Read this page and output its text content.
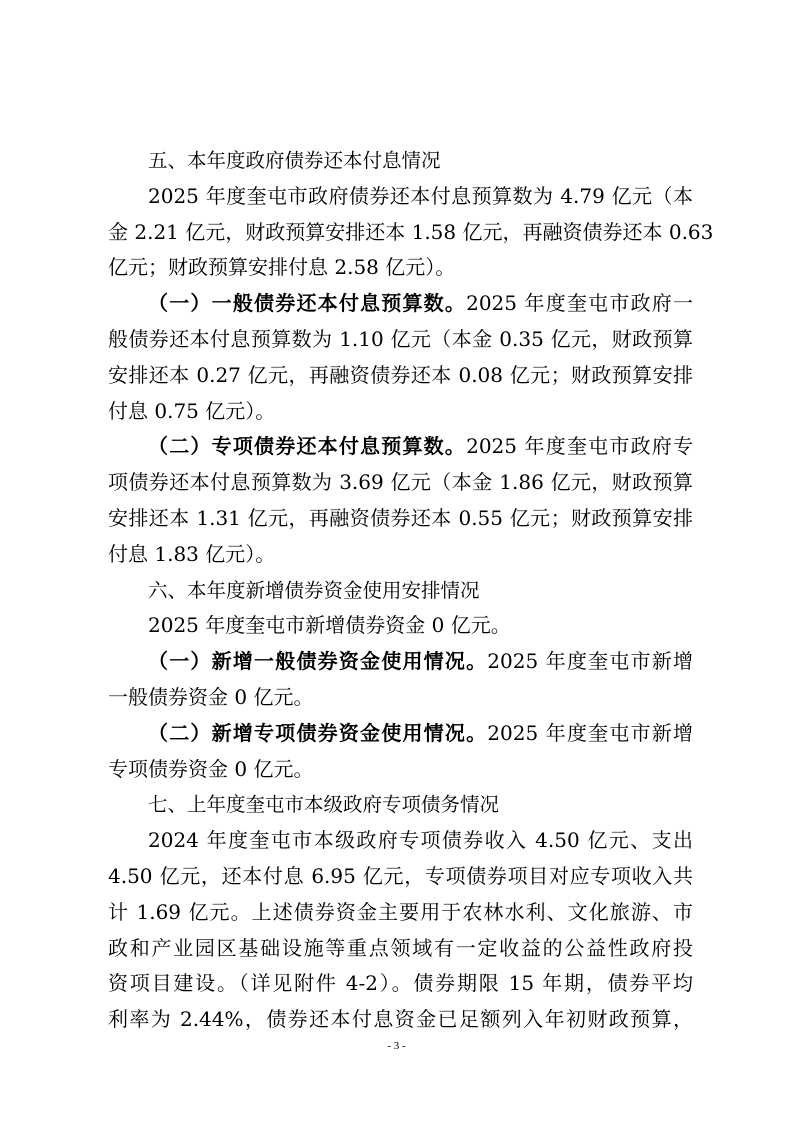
五、本年度政府债券还本付息情况
2025 年度奎屯市政府债券还本付息预算数为 4.79 亿元（本
金 2.21 亿元，财政预算安排还本 1.58 亿元，再融资债券还本 0.63
亿元；财政预算安排付息 2.58 亿元）。
（一）一般债券还本付息预算数。2025 年度奎屯市政府一
般债券还本付息预算数为 1.10 亿元（本金 0.35 亿元，财政预算
安排还本 0.27 亿元，再融资债券还本 0.08 亿元；财政预算安排
付息 0.75 亿元）。
（二）专项债券还本付息预算数。2025 年度奎屯市政府专
项债券还本付息预算数为 3.69 亿元（本金 1.86 亿元，财政预算
安排还本 1.31 亿元，再融资债券还本 0.55 亿元；财政预算安排
付息 1.83 亿元）。
六、本年度新增债券资金使用安排情况
2025 年度奎屯市新增债券资金 0 亿元。
（一）新增一般债券资金使用情况。2025 年度奎屯市新增
一般债券资金 0 亿元。
（二）新增专项债券资金使用情况。2025 年度奎屯市新增
专项债券资金 0 亿元。
七、上年度奎屯市本级政府专项债务情况
2024 年度奎屯市本级政府专项债券收入 4.50 亿元、支出
4.50 亿元，还本付息 6.95 亿元，专项债券项目对应专项收入共
计 1.69 亿元。上述债券资金主要用于农林水利、文化旅游、市
政和产业园区基础设施等重点领域有一定收益的公益性政府投
资项目建设。（详见附件 4-2）。债券期限 15 年期，债券平均
利率为 2.44%，债券还本付息资金已足额列入年初财政预算，
- 3 -
